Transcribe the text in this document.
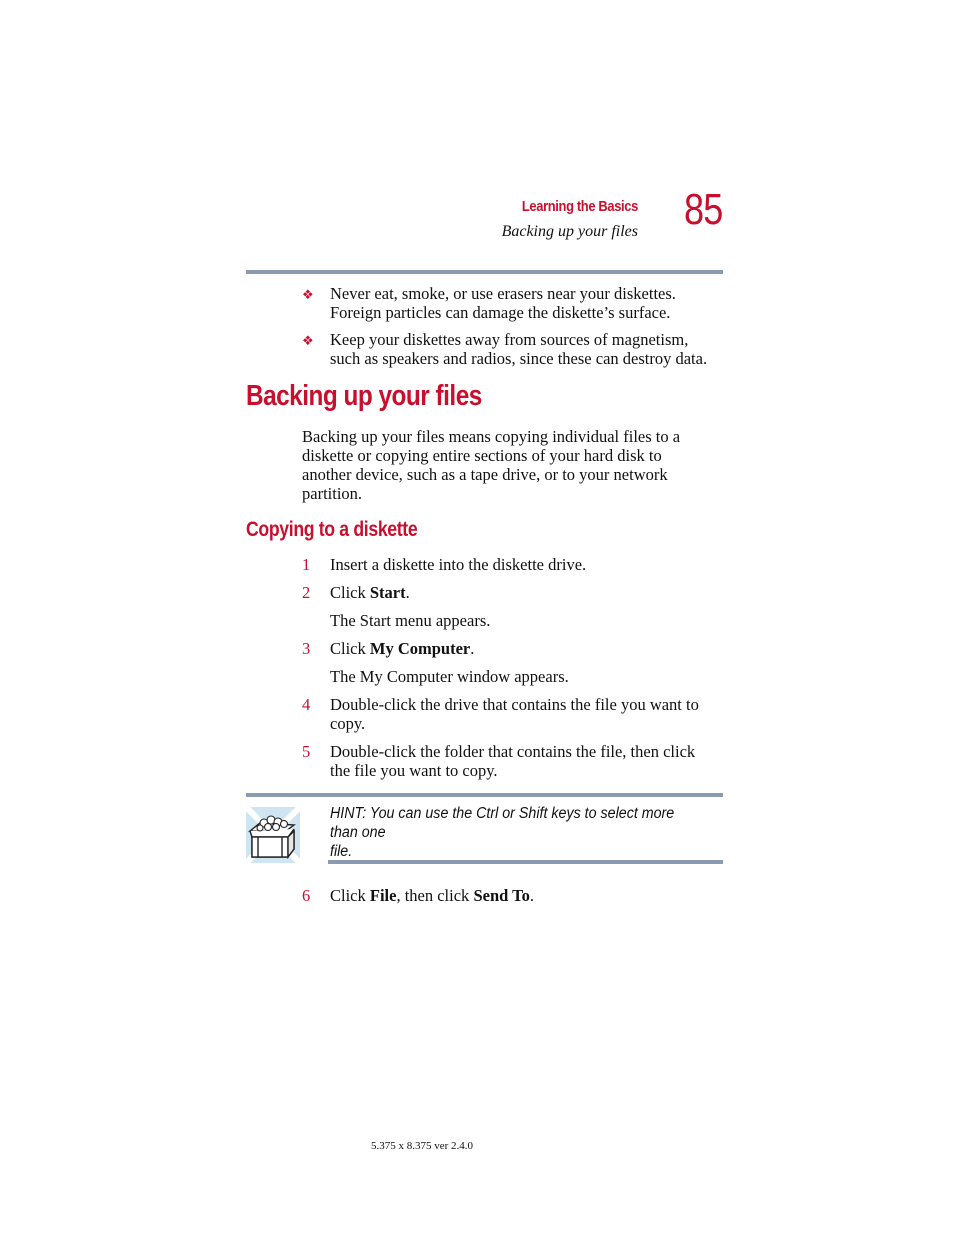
Learning the Basics
Backing up your files 85
❖ Never eat, smoke, or use erasers near your diskettes.
Foreign particles can damage the diskette’s surface.
❖ Keep your diskettes away from sources of magnetism,
such as speakers and radios, since these can destroy data.
Backing up your files
Backing up your files means copying individual files to a
diskette or copying entire sections of your hard disk to
another device, such as a tape drive, or to your network
partition.
Copying to a diskette
1 Insert a diskette into the diskette drive.
2 Click Start.
The Start menu appears.
3 Click My Computer.
The My Computer window appears.
4 Double-click the drive that contains the file you want to
copy.
5 Double-click the folder that contains the file, then click
the file you want to copy.
HINT: You can use the Ctrl or Shift keys to select more than one
file.
6 Click File, then click Send To.
5.375 x 8.375 ver 2.4.0
